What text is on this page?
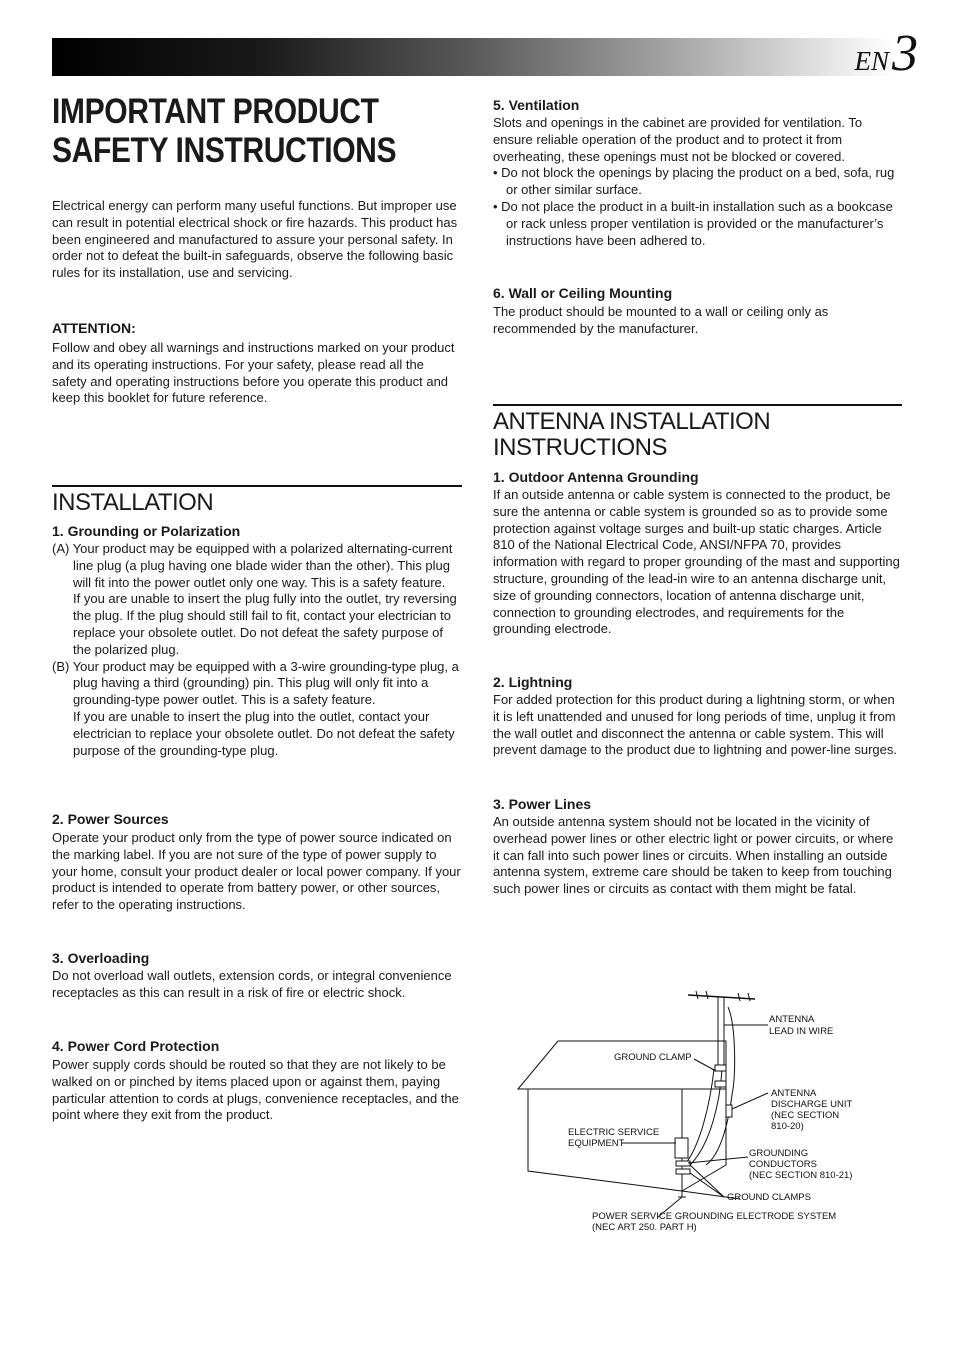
EN 3
IMPORTANT PRODUCT
SAFETY INSTRUCTIONS

Electrical energy can perform many useful functions. But improper use can result in potential electrical shock or fire hazards. This product has been engineered and manufactured to assure your personal safety. In order not to defeat the built-in safeguards, observe the following basic rules for its installation, use and servicing.

ATTENTION:

Follow and obey all warnings and instructions marked on your product and its operating instructions. For your safety, please read all the safety and operating instructions before you operate this product and keep this booklet for future reference.

INSTALLATION

1. Grounding or Polarization

(A) Your product may be equipped with a polarized alternating-current line plug (a plug having one blade wider than the other). This plug will fit into the power outlet only one way. This is a safety feature.

If you are unable to insert the plug fully into the outlet, try reversing the plug. If the plug should still fail to fit, contact your electrician to replace your obsolete outlet. Do not defeat the safety purpose of the polarized plug.

(B) Your product may be equipped with a 3-wire grounding-type plug, a plug having a third (grounding) pin. This plug will only fit into a grounding-type power outlet. This is a safety feature.

If you are unable to insert the plug into the outlet, contact your electrician to replace your obsolete outlet. Do not defeat the safety purpose of the grounding-type plug.

2. Power Sources

Operate your product only from the type of power source indicated on the marking label. If you are not sure of the type of power supply to your home, consult your product dealer or local power company. If your product is intended to operate from battery power, or other sources, refer to the operating instructions.

3. Overloading

Do not overload wall outlets, extension cords, or integral convenience receptacles as this can result in a risk of fire or electric shock.

4. Power Cord Protection

Power supply cords should be routed so that they are not likely to be walked on or pinched by items placed upon or against them, paying particular attention to cords at plugs, convenience receptacles, and the point where they exit from the product.

5. Ventilation

Slots and openings in the cabinet are provided for ventilation. To ensure reliable operation of the product and to protect it from overheating, these openings must not be blocked or covered.

• Do not block the openings by placing the product on a bed, sofa, rug or other similar surface.

• Do not place the product in a built-in installation such as a bookcase or rack unless proper ventilation is provided or the manufacturer’s instructions have been adhered to.

6. Wall or Ceiling Mounting

The product should be mounted to a wall or ceiling only as recommended by the manufacturer.

ANTENNA INSTALLATION
INSTRUCTIONS

1. Outdoor Antenna Grounding

If an outside antenna or cable system is connected to the product, be sure the antenna or cable system is grounded so as to provide some protection against voltage surges and built-up static charges. Article 810 of the National Electrical Code, ANSI/NFPA 70, provides information with regard to proper grounding of the mast and supporting structure, grounding of the lead-in wire to an antenna discharge unit, size of grounding connectors, location of antenna discharge unit, connection to grounding electrodes, and requirements for the grounding electrode.

2. Lightning

For added protection for this product during a lightning storm, or when it is left unattended and unused for long periods of time, unplug it from the wall outlet and disconnect the antenna or cable system. This will prevent damage to the product due to lightning and power-line surges.

3. Power Lines

An outside antenna system should not be located in the vicinity of overhead power lines or other electric light or power circuits, or where it can fall into such power lines or circuits. When installing an outside antenna system, extreme care should be taken to keep from touching such power lines or circuits as contact with them might be fatal.

ANTENNA
LEAD IN WIRE
GROUND CLAMP
ANTENNA
DISCHARGE UNIT
(NEC SECTION
810-20)
ELECTRIC SERVICE
EQUIPMENT
GROUNDING
CONDUCTORS
(NEC SECTION 810-21)
GROUND CLAMPS
POWER SERVICE GROUNDING ELECTRODE SYSTEM
(NEC ART 250. PART H)
